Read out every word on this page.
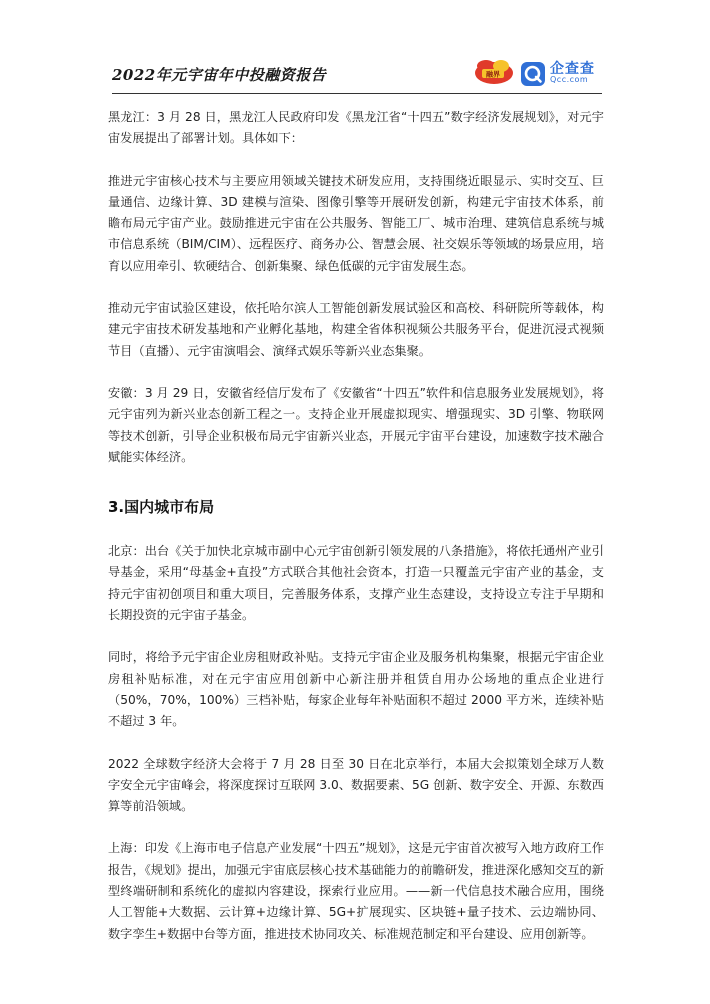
2022年元宇宙年中投融资报告	融界	企查查
Qcc.com

黑龙江：3 月 28 日，黑龙江人民政府印发《黑龙江省“十四五”数字经济发展规划》，对元宇宙发展提出了部署计划。具体如下：

推进元宇宙核心技术与主要应用领域关键技术研发应用，支持围绕近眼显示、实时交互、巨量通信、边缘计算、3D 建模与渲染、图像引擎等开展研发创新，构建元宇宙技术体系，前瞻布局元宇宙产业。鼓励推进元宇宙在公共服务、智能工厂、城市治理、建筑信息系统与城市信息系统（BIM/CIM）、远程医疗、商务办公、智慧会展、社交娱乐等领域的场景应用，培育以应用牵引、软硬结合、创新集聚、绿色低碳的元宇宙发展生态。

推动元宇宙试验区建设，依托哈尔滨人工智能创新发展试验区和高校、科研院所等载体，构建元宇宙技术研发基地和产业孵化基地，构建全省体积视频公共服务平台，促进沉浸式视频节目（直播）、元宇宙演唱会、演绎式娱乐等新兴业态集聚。

安徽：3 月 29 日，安徽省经信厅发布了《安徽省“十四五”软件和信息服务业发展规划》，将元宇宙列为新兴业态创新工程之一。支持企业开展虚拟现实、增强现实、3D 引擎、物联网等技术创新，引导企业积极布局元宇宙新兴业态，开展元宇宙平台建设，加速数字技术融合赋能实体经济。

3.国内城市布局

北京：出台《关于加快北京城市副中心元宇宙创新引领发展的八条措施》，将依托通州产业引导基金，采用“母基金+直投”方式联合其他社会资本，打造一只覆盖元宇宙产业的基金，支持元宇宙初创项目和重大项目，完善服务体系，支撑产业生态建设，支持设立专注于早期和长期投资的元宇宙子基金。

同时，将给予元宇宙企业房租财政补贴。支持元宇宙企业及服务机构集聚，根据元宇宙企业房租补贴标准，对在元宇宙应用创新中心新注册并租赁自用办公场地的重点企业进行（50%，70%，100%）三档补贴，每家企业每年补贴面积不超过 2000 平方米，连续补贴不超过 3 年。

2022 全球数字经济大会将于 7 月 28 日至 30 日在北京举行，本届大会拟策划全球万人数字安全元宇宙峰会，将深度探讨互联网 3.0、数据要素、5G 创新、数字安全、开源、东数西算等前沿领域。

上海：印发《上海市电子信息产业发展“十四五”规划》，这是元宇宙首次被写入地方政府工作报告，《规划》提出，加强元宇宙底层核心技术基础能力的前瞻研发，推进深化感知交互的新型终端研制和系统化的虚拟内容建设，探索行业应用。——新一代信息技术融合应用，围绕人工智能+大数据、云计算+边缘计算、5G+扩展现实、区块链+量子技术、云边端协同、数字孪生+数据中台等方面，推进技术协同攻关、标准规范制定和平台建设、应用创新等。
